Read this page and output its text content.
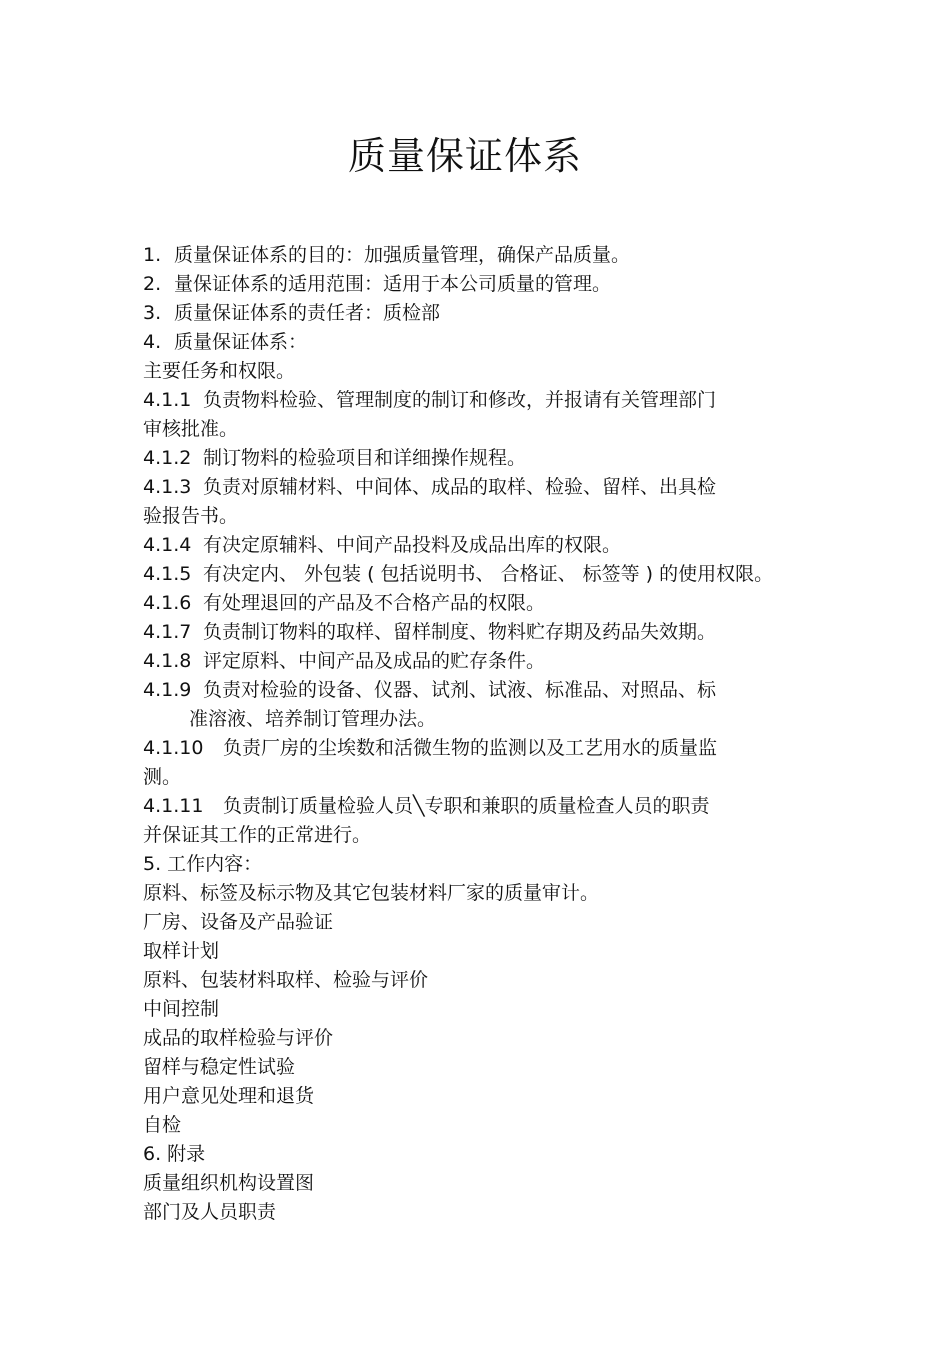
质量保证体系

1. 质量保证体系的目的：加强质量管理，确保产品质量。

2. 量保证体系的适用范围：适用于本公司质量的管理。

3. 质量保证体系的责任者：质检部

4. 质量保证体系：

主要任务和权限。

4.1.1 负责物料检验、管理制度的制订和修改，并报请有关管理部门

审核批准。

4.1.2 制订物料的检验项目和详细操作规程。

4.1.3 负责对原辅材料、中间体、成品的取样、检验、留样、出具检

验报告书。

4.1.4 有决定原辅料、中间产品投料及成品出库的权限。

4.1.5 有决定内、 外包装 ( 包括说明书、 合格证、 标签等 ) 的使用权限。

4.1.6 有处理退回的产品及不合格产品的权限。

4.1.7 负责制订物料的取样、留样制度、物料贮存期及药品失效期。

4.1.8 评定原料、中间产品及成品的贮存条件。

4.1.9 负责对检验的设备、仪器、试剂、试液、标准品、对照品、标

准溶液、培养制订管理办法。

4.1.10 负责厂房的尘埃数和活微生物的监测以及工艺用水的质量监

测。

4.1.11 负责制订质量检验人员╲专职和兼职的质量检查人员的职责

并保证其工作的正常进行。

5. 工作内容：

原料、标签及标示物及其它包装材料厂家的质量审计。

厂房、设备及产品验证

取样计划

原料、包装材料取样、检验与评价

中间控制

成品的取样检验与评价

留样与稳定性试验

用户意见处理和退货

自检

6. 附录

质量组织机构设置图

部门及人员职责
